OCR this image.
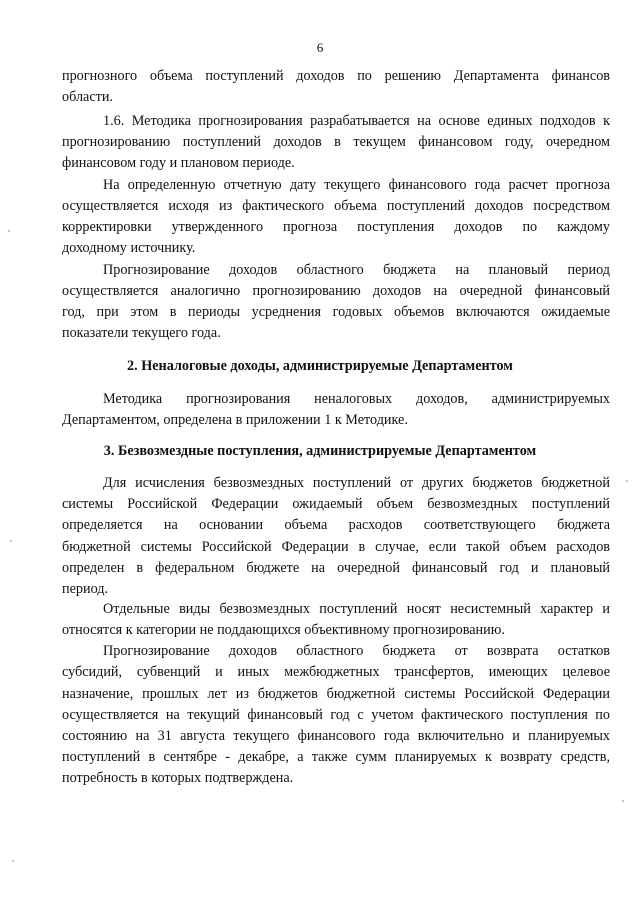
6
прогнозного объема поступлений доходов по решению Департамента финансов
области.
1.6. Методика прогнозирования разрабатывается на основе единых подходов к
прогнозированию поступлений доходов в текущем финансовом году, очередном
финансовом году и плановом периоде.
На определенную отчетную дату текущего финансового года расчет прогноза
осуществляется исходя из фактического объема поступлений доходов посредством
корректировки утвержденного прогноза поступления доходов по каждому
доходному источнику.
Прогнозирование доходов областного бюджета на плановый период
осуществляется аналогично прогнозированию доходов на очередной финансовый
год, при этом в периоды усреднения годовых объемов включаются ожидаемые
показатели текущего года.
2. Неналоговые доходы, администрируемые Департаментом
Методика прогнозирования неналоговых доходов, администрируемых
Департаментом, определена в приложении 1 к Методике.
3. Безвозмездные поступления, администрируемые Департаментом
Для исчисления безвозмездных поступлений от других бюджетов бюджетной
системы Российской Федерации ожидаемый объем безвозмездных поступлений
определяется на основании объема расходов соответствующего бюджета
бюджетной системы Российской Федерации в случае, если такой объем расходов
определен в федеральном бюджете на очередной финансовый год и плановый
период.
Отдельные виды безвозмездных поступлений носят несистемный характер и
относятся к категории не поддающихся объективному прогнозированию.
Прогнозирование доходов областного бюджета от возврата остатков
субсидий, субвенций и иных межбюджетных трансфертов, имеющих целевое
назначение, прошлых лет из бюджетов бюджетной системы Российской Федерации
осуществляется на текущий финансовый год с учетом фактического поступления по
состоянию на 31 августа текущего финансового года включительно и планируемых
поступлений в сентябре - декабре, а также сумм планируемых к возврату средств,
потребность в которых подтверждена.
